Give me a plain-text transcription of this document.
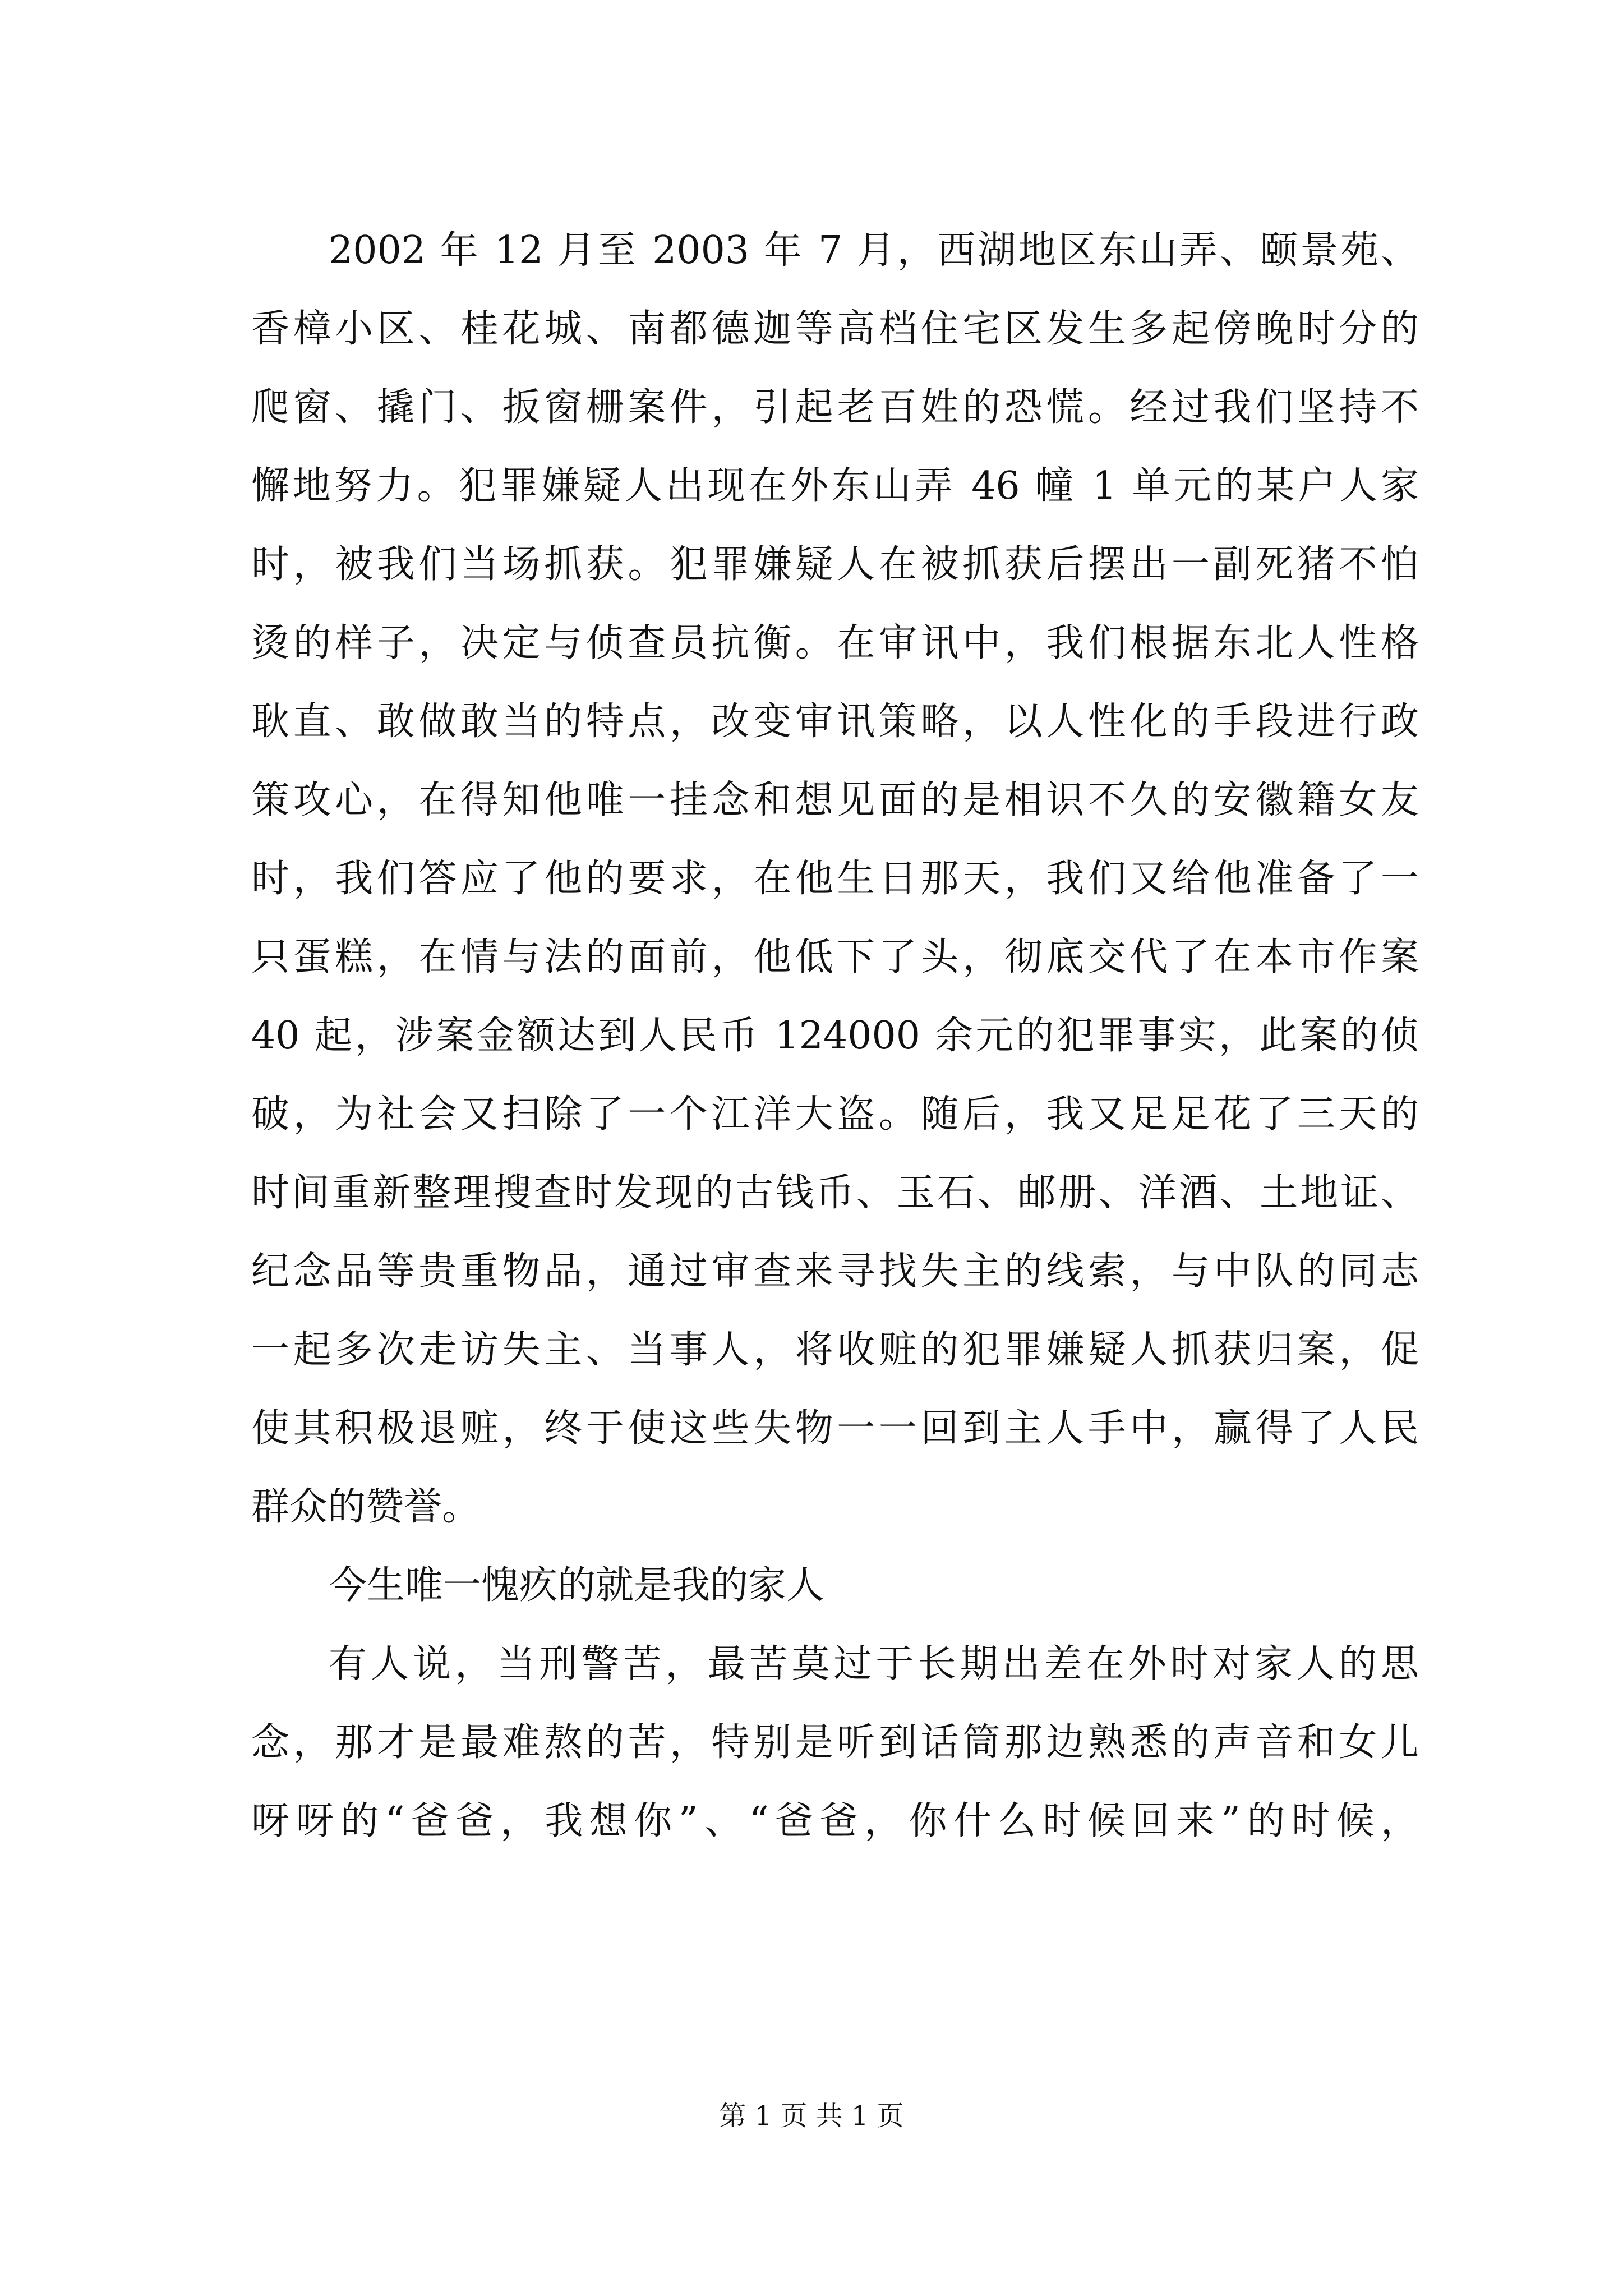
2002 年 12 月至 2003 年 7 月，西湖地区东山弄、颐景苑、
香樟小区、桂花城、南都德迦等高档住宅区发生多起傍晚时分的
爬窗、撬门、扳窗栅案件，引起老百姓的恐慌。经过我们坚持不
懈地努力。犯罪嫌疑人出现在外东山弄 46 幢 1 单元的某户人家
时，被我们当场抓获。犯罪嫌疑人在被抓获后摆出一副死猪不怕
烫的样子，决定与侦查员抗衡。在审讯中，我们根据东北人性格
耿直、敢做敢当的特点，改变审讯策略，以人性化的手段进行政
策攻心，在得知他唯一挂念和想见面的是相识不久的安徽籍女友
时，我们答应了他的要求，在他生日那天，我们又给他准备了一
只蛋糕，在情与法的面前，他低下了头，彻底交代了在本市作案
40 起，涉案金额达到人民币 124000 余元的犯罪事实，此案的侦
破，为社会又扫除了一个江洋大盗。随后，我又足足花了三天的
时间重新整理搜查时发现的古钱币、玉石、邮册、洋酒、土地证、
纪念品等贵重物品，通过审查来寻找失主的线索，与中队的同志
一起多次走访失主、当事人，将收赃的犯罪嫌疑人抓获归案，促
使其积极退赃，终于使这些失物一一回到主人手中，赢得了人民
群众的赞誉。
今生唯一愧疚的就是我的家人
有人说，当刑警苦，最苦莫过于长期出差在外时对家人的思
念，那才是最难熬的苦，特别是听到话筒那边熟悉的声音和女儿
呀呀的“爸爸，我想你”、“爸爸，你什么时候回来”的时候，
第 1 页 共 1 页
